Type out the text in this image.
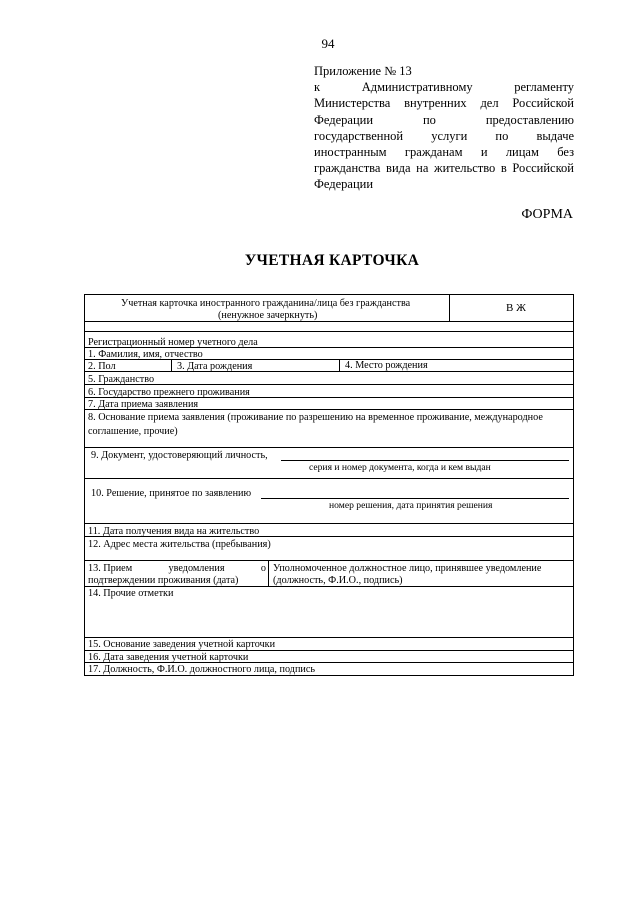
94
Приложение № 13
к	Административному	регламенту
Министерства внутренних дел Российской
Федерации	по	предоставлению
государственной услуги по выдаче
иностранным гражданам и лицам без
гражданства вида на жительство в Российской
Федерации
ФОРМА
УЧЕТНАЯ КАРТОЧКА
Учетная карточка иностранного гражданина/лица без гражданства
(ненужное зачеркнуть)
В Ж
Регистрационный номер учетного дела
1. Фамилия, имя, отчество
2. Пол	3. Дата рождения	4. Место рождения
5. Гражданство
6. Государство прежнего проживания
7. Дата приема заявления
8. Основание приема заявления (проживание по разрешению на временное проживание, международное
соглашение, прочие)
9. Документ, удостоверяющий личность,
серия и номер документа, когда и кем выдан
10. Решение, принятое по заявлению
номер решения, дата принятия решения
11. Дата получения вида на жительство
12. Адрес места жительства (пребывания)
13. Прием	уведомления	о
подтверждении проживания (дата)
Уполномоченное должностное лицо, принявшее уведомление
(должность, Ф.И.О., подпись)
14. Прочие отметки
15. Основание заведения учетной карточки
16. Дата заведения учетной карточки
17. Должность, Ф.И.О. должностного лица, подпись
